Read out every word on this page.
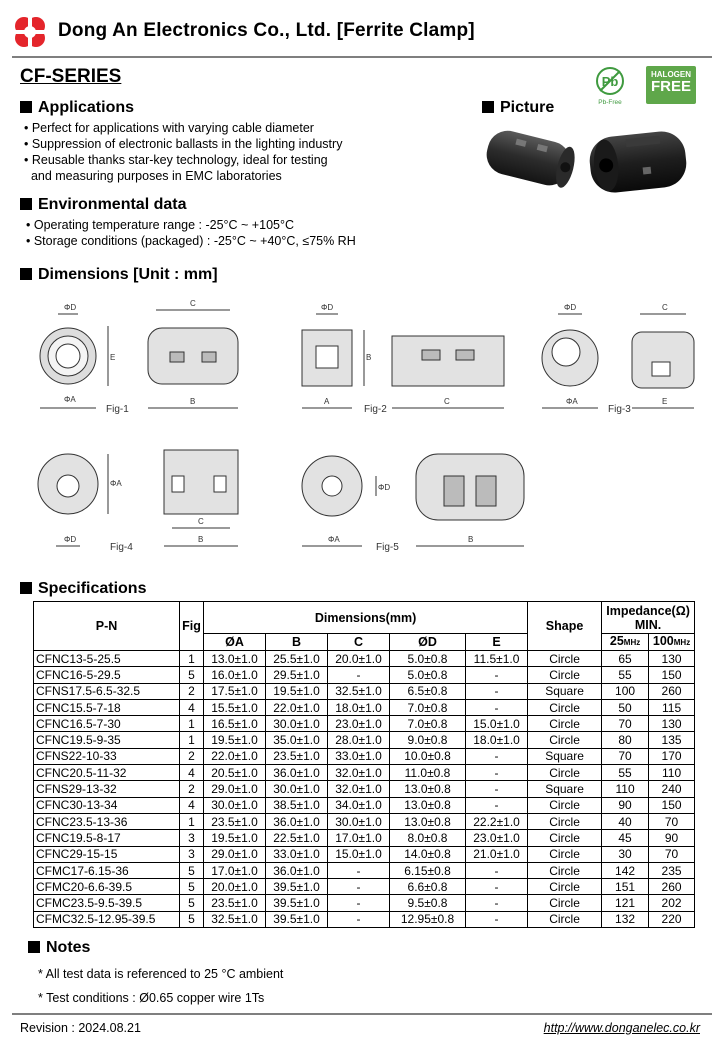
Dong An Electronics Co., Ltd. [Ferrite Clamp]
CF-SERIES	Pb
Pb-Free
HALOGEN
FREE
Applications
• Perfect for applications with varying cable diameter
• Suppression of electronic ballasts in the lighting industry
• Reusable thanks star-key technology, ideal for testing
and measuring purposes in EMC laboratories
Picture
Environmental data
• Operating temperature range : -25°C ~ +105°C
• Storage conditions (packaged) : -25°C ~ +40°C, ≤75% RH
Dimensions [Unit : mm]
ΦA
ΦD
E
B
C
Fig-1
A
ΦD
B
C
Fig-2
ΦA
ΦD
E
C
Fig-3
ΦD
ΦA
C
B
Fig-4
ΦA
ΦD
B
Fig-5
Specifications
P-N	Fig	Dimensions(mm)					Shape	Impedance(Ω)
MIN.	
		ØA	B	C	ØD	E		25MHz	100MHz
CFNC13-5-25.5	1	13.0±1.0	25.5±1.0	20.0±1.0	5.0±0.8	11.5±1.0	Circle	65	130
CFNC16-5-29.5	5	16.0±1.0	29.5±1.0	-	5.0±0.8	-	Circle	55	150
CFNS17.5-6.5-32.5	2	17.5±1.0	19.5±1.0	32.5±1.0	6.5±0.8	-	Square	100	260
CFNC15.5-7-18	4	15.5±1.0	22.0±1.0	18.0±1.0	7.0±0.8	-	Circle	50	115
CFNC16.5-7-30	1	16.5±1.0	30.0±1.0	23.0±1.0	7.0±0.8	15.0±1.0	Circle	70	130
CFNC19.5-9-35	1	19.5±1.0	35.0±1.0	28.0±1.0	9.0±0.8	18.0±1.0	Circle	80	135
CFNS22-10-33	2	22.0±1.0	23.5±1.0	33.0±1.0	10.0±0.8	-	Square	70	170
CFNC20.5-11-32	4	20.5±1.0	36.0±1.0	32.0±1.0	11.0±0.8	-	Circle	55	110
CFNS29-13-32	2	29.0±1.0	30.0±1.0	32.0±1.0	13.0±0.8	-	Square	110	240
CFNC30-13-34	4	30.0±1.0	38.5±1.0	34.0±1.0	13.0±0.8	-	Circle	90	150
CFNC23.5-13-36	1	23.5±1.0	36.0±1.0	30.0±1.0	13.0±0.8	22.2±1.0	Circle	40	70
CFNC19.5-8-17	3	19.5±1.0	22.5±1.0	17.0±1.0	8.0±0.8	23.0±1.0	Circle	45	90
CFNC29-15-15	3	29.0±1.0	33.0±1.0	15.0±1.0	14.0±0.8	21.0±1.0	Circle	30	70
CFMC17-6.15-36	5	17.0±1.0	36.0±1.0	-	6.15±0.8	-	Circle	142	235
CFMC20-6.6-39.5	5	20.0±1.0	39.5±1.0	-	6.6±0.8	-	Circle	151	260
CFMC23.5-9.5-39.5	5	23.5±1.0	39.5±1.0	-	9.5±0.8	-	Circle	121	202
CFMC32.5-12.95-39.5	5	32.5±1.0	39.5±1.0	-	12.95±0.8	-	Circle	132	220
Notes
* All test data is referenced to 25 °C ambient
* Test conditions : Ø0.65 copper wire 1Ts
Revision : 2024.08.21	http://www.donganelec.co.kr
